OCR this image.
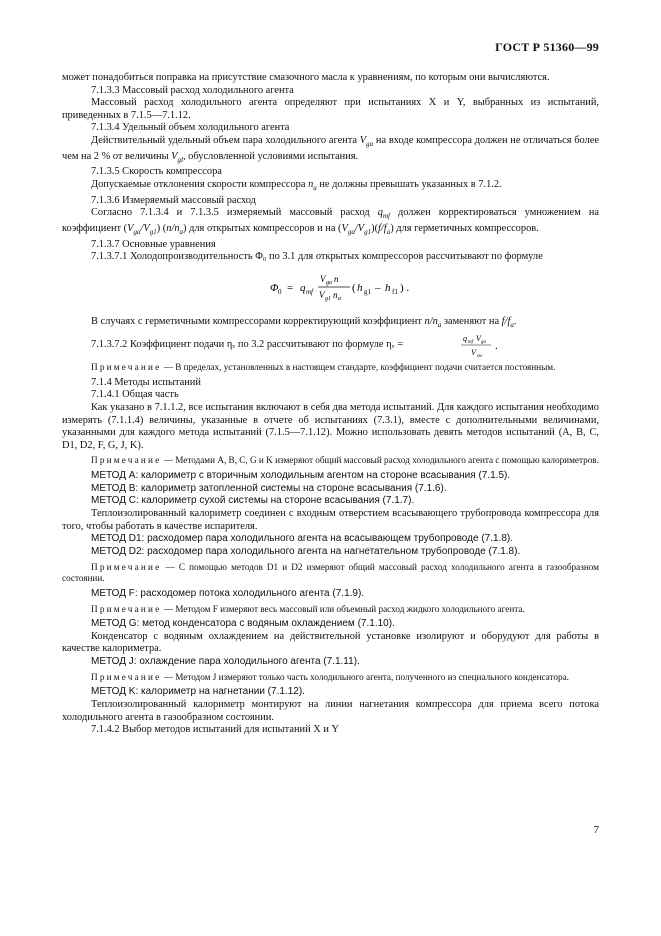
ГОСТ Р 51360—99

может понадобиться поправка на присутствие смазочного масла к уравнениям, по которым они вычисляются.

7.1.3.3 Массовый расход холодильного агента

Массовый расход холодильного агента определяют при испытаниях X и Y, выбранных из испытаний, приведенных в 7.1.5—7.1.12.

7.1.3.4 Удельный объем холодильного агента

Действительный удельный объем пара холодильного агента $V_{ga}$ на входе компрессора должен не отличаться более чем на 2 % от величины $V_{gl}$, обусловленной условиями испытания.

7.1.3.5 Скорость компрессора

Допускаемые отклонения скорости компрессора $n_a$ не должны превышать указанных в 7.1.2.

7.1.3.6 Измеряемый массовый расход

Согласно 7.1.3.4 и 7.1.3.5 измеряемый массовый расход $q_{mf}$ должен корректироваться умножением на коэффициент $(V_{ga}/V_{g1})$ $(n/n_a)$ для открытых компрессоров и на $(V_{ga}/V_{g1})(f/f_a)$ для герметичных компрессоров.

7.1.3.7 Основные уравнения

7.1.3.7.1 Холодопроизводительность Φ₀ по 3.1 для открытых компрессоров рассчитывают по формуле

Φ 0 = q mf
V ga n
V g1 n a
( h g1 – h f1 ) .

В случаях с герметичными компрессорами корректирующий коэффициент $n/n_a$ заменяют на $f/f_a$.

7.1.3.7.2 Коэффициент подачи ηᵥ по 3.2 рассчитывают по формуле ηᵥ =
q mf V ga
V sw
.

Примечание — В пределах, установленных в настоящем стандарте, коэффициент подачи считается постоянным.

7.1.4 Методы испытаний

7.1.4.1 Общая часть

Как указано в 7.1.1.2, все испытания включают в себя два метода испытаний. Для каждого испытания необходимо измерять (7.1.1.4) величины, указанные в отчете об испытаниях (7.3.1), вместе с дополнительными величинами, указанными для каждого метода испытаний (7.1.5—7.1.12). Можно использовать девять методов испытаний (A, B, C, D1, D2, F, G, J, K).

Примечание — Методами A, B, C, G и K измеряют общий массовый расход холодильного агента с помощью калориметров.

МЕТОД A: калориметр с вторичным холодильным агентом на стороне всасывания (7.1.5).

МЕТОД B: калориметр затопленной системы на стороне всасывания (7.1.6).

МЕТОД C: калориметр сухой системы на стороне всасывания (7.1.7).

Теплоизолированный калориметр соединен с входным отверстием всасывающего трубопровода компрессора для того, чтобы работать в качестве испарителя.

МЕТОД D1: расходомер пара холодильного агента на всасывающем трубопроводе (7.1.8).

МЕТОД D2: расходомер пара холодильного агента на нагнетательном трубопроводе (7.1.8).

Примечание — С помощью методов D1 и D2 измеряют общий массовый расход холодильного агента в газообразном состоянии.

МЕТОД F: расходомер потока холодильного агента (7.1.9).

Примечание — Методом F измеряют весь массовый или объемный расход жидкого холодильного агента.

МЕТОД G: метод конденсатора с водяным охлаждением (7.1.10).

Конденсатор с водяным охлаждением на действительной установке изолируют и оборудуют для работы в качестве калориметра.

МЕТОД J: охлаждение пара холодильного агента (7.1.11).

Примечание — Методом J измеряют только часть холодильного агента, полученного из специального конденсатора.

МЕТОД K: калориметр на нагнетании (7.1.12).

Теплоизолированный калориметр монтируют на линии нагнетания компрессора для приема всего потока холодильного агента в газообразном состоянии.

7.1.4.2 Выбор методов испытаний для испытаний X и Y

7
